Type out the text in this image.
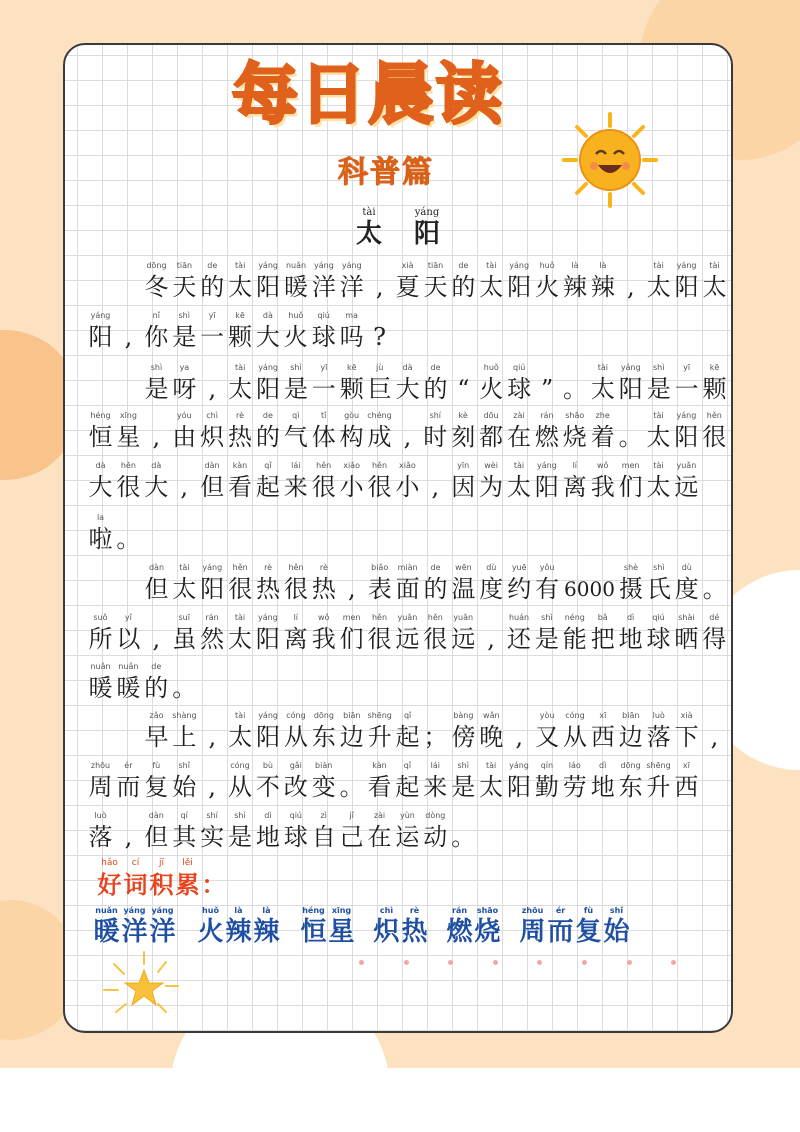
每日晨读
科普篇
tài
太
yáng
阳
dōng
冬
tiān
天
de
的
tài
太
yáng
阳
nuǎn
暖
yáng
洋
yáng
洋 ,
xià
夏
tiān
天
de
的
tài
太
yáng
阳
huǒ
火
là
辣
là
辣 ,
tài
太
yáng
阳
tài
太
yáng
阳 ,
nǐ
你
shì
是
yī
一
kē
颗
dà
大
huǒ
火
qiú
球
ma
吗 ?
shì
是
ya
呀 ,
tài
太
yáng
阳
shì
是
yī
一
kē
颗
jù
巨
dà
大
de
的 “
huǒ
火
qiú
球 ” 。
tài
太
yáng
阳
shì
是
yī
一
kē
颗
héng
恒
xīng
星 ,
yóu
由
chì
炽
rè
热
de
的
qì
气
tǐ
体
gòu
构
chéng
成 ,
shí
时
kè
刻
dōu
都
zài
在
rán
燃
shāo
烧
zhe
着 。
tài
太
yáng
阳
hěn
很
dà
大
hěn
很
dà
大 ,
dàn
但
kàn
看
qǐ
起
lái
来
hěn
很
xiǎo
小
hěn
很
xiǎo
小 ,
yīn
因
wèi
为
tài
太
yáng
阳
lí
离
wǒ
我
men
们
tài
太
yuǎn
远
la
啦 。
dàn
但
tài
太
yáng
阳
hěn
很
rè
热
hěn
很
rè
热 ,
biǎo
表
miàn
面
de
的
wēn
温
dù
度
yuē
约
yǒu
有 6000
shè
摄
shì
氏
dù
度 。
suǒ
所
yǐ
以 ,
suī
虽
rán
然
tài
太
yáng
阳
lí
离
wǒ
我
men
们
hěn
很
yuǎn
远
hěn
很
yuǎn
远 ,
huán
还
shì
是
néng
能
bǎ
把
dì
地
qiú
球
shài
晒
dé
得
nuǎn
暖
nuǎn
暖
de
的 。
zǎo
早
shàng
上 ,
tài
太
yáng
阳
cóng
从
dōng
东
biān
边
shēng
升
qǐ
起 ；
bàng
傍
wǎn
晚 ,
yòu
又
cóng
从
xī
西
biān
边
luò
落
xià
下 ,
zhōu
周
ér
而
fù
复
shǐ
始 ,
cóng
从
bù
不
gǎi
改
biàn
变 。
kàn
看
qǐ
起
lái
来
shì
是
tài
太
yáng
阳
qín
勤
láo
劳
dì
地
dōng
东
shēng
升
xī
西
luò
落 ,
dàn
但
qí
其
shí
实
shì
是
dì
地
qiú
球
zì
自
jǐ
己
zài
在
yùn
运
dòng
动 。
hǎo
好
cí
词
jī
积
lěi
累 ：
nuǎn
暖
yáng
洋
yáng
洋
huǒ
火
là
辣
là
辣
héng
恒
xīng
星
chì
炽
rè
热
rán
燃
shāo
烧
zhōu
周
ér
而
fù
复
shǐ
始
